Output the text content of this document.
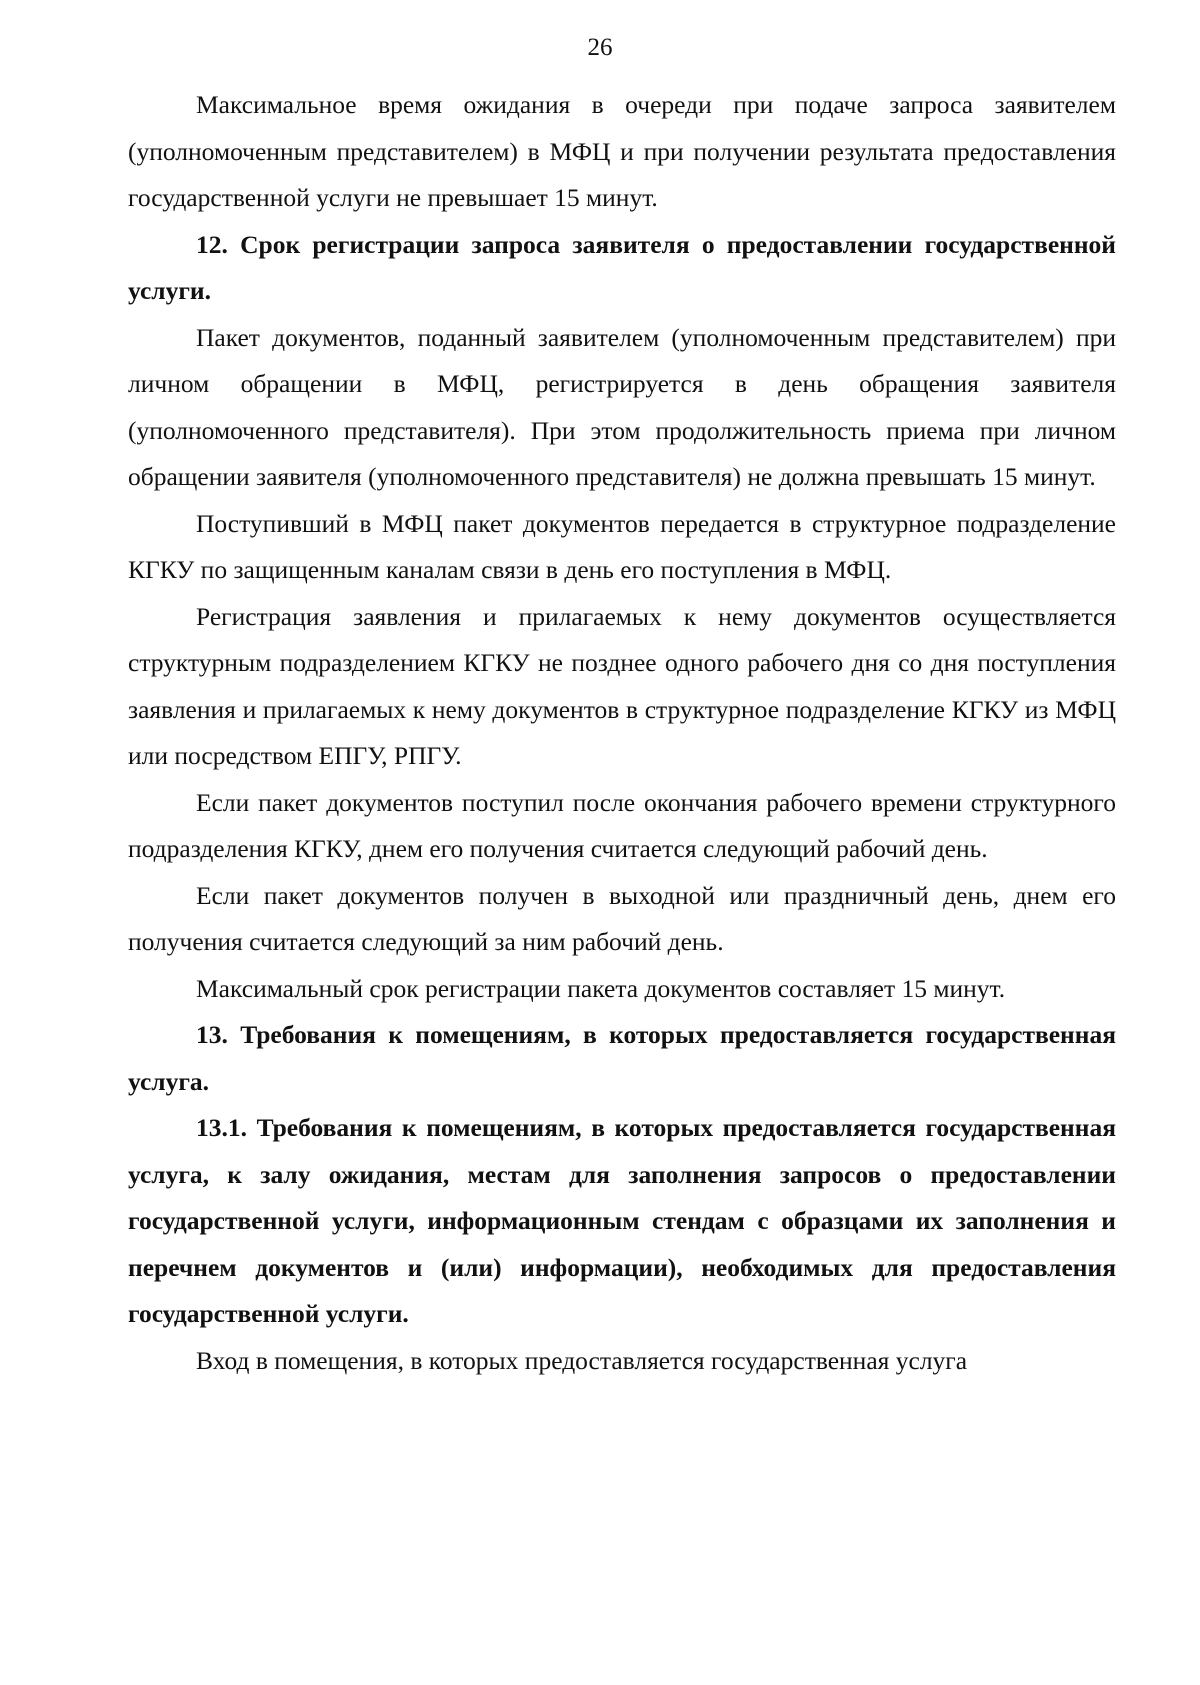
26

Максимальное время ожидания в очереди при подаче запроса заявителем (уполномоченным представителем) в МФЦ и при получении результата предоставления государственной услуги не превышает 15 минут.

12. Срок регистрации запроса заявителя о предоставлении государственной услуги.

Пакет документов, поданный заявителем (уполномоченным представителем) при личном обращении в МФЦ, регистрируется в день обращения заявителя (уполномоченного представителя). При этом продолжительность приема при личном обращении заявителя (уполномоченного представителя) не должна превышать 15 минут.

Поступивший в МФЦ пакет документов передается в структурное подразделение КГКУ по защищенным каналам связи в день его поступления в МФЦ.

Регистрация заявления и прилагаемых к нему документов осуществляется структурным подразделением КГКУ не позднее одного рабочего дня со дня поступления заявления и прилагаемых к нему документов в структурное подразделение КГКУ из МФЦ или посредством ЕПГУ, РПГУ.

Если пакет документов поступил после окончания рабочего времени структурного подразделения КГКУ, днем его получения считается следующий рабочий день.

Если пакет документов получен в выходной или праздничный день, днем его получения считается следующий за ним рабочий день.

Максимальный срок регистрации пакета документов составляет 15 минут.

13. Требования к помещениям, в которых предоставляется государственная услуга.

13.1. Требования к помещениям, в которых предоставляется государственная услуга, к залу ожидания, местам для заполнения запросов о предоставлении государственной услуги, информационным стендам с образцами их заполнения и перечнем документов и (или) информации), необходимых для предоставления государственной услуги.

Вход в помещения, в которых предоставляется государственная услуга
